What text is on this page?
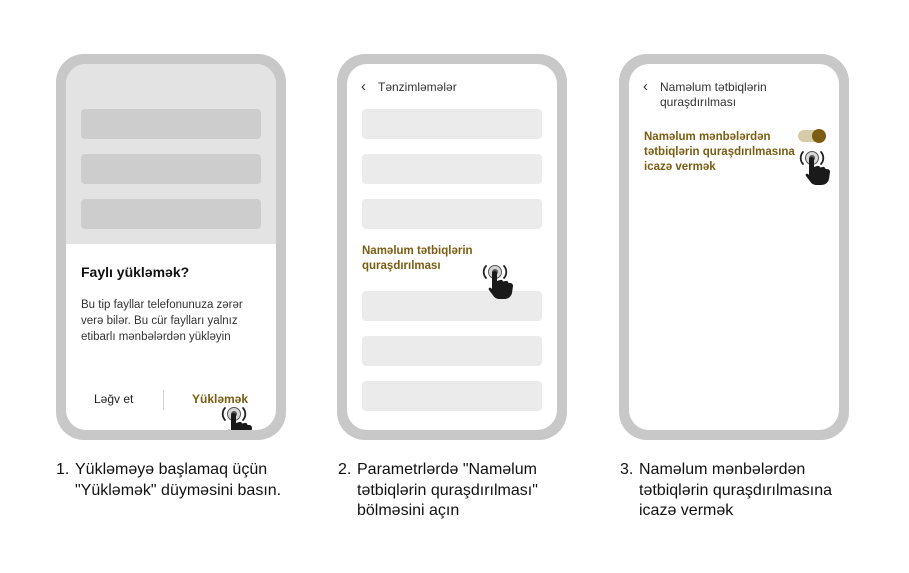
Faylı yükləmək?
Bu tip fayllar telefonunuza zərər verə bilər. Bu cür faylları yalnız etibarlı mənbələrdən yükləyin
Ləğv et	Yükləmək
‹ Tənzimləmələr
Naməlum tətbiqlərin quraşdırılması
‹ Naməlum tətbiqlərin quraşdırılması
Naməlum mənbələrdən tətbiqlərin quraşdırılmasına icazə vermək
1. Yükləməyə başlamaq üçün "Yükləmək" düyməsini basın.
2. Parametrlərdə "Naməlum tətbiqlərin quraşdırılması" bölməsini açın
3. Naməlum mənbələrdən tətbiqlərin quraşdırılmasına icazə vermək
